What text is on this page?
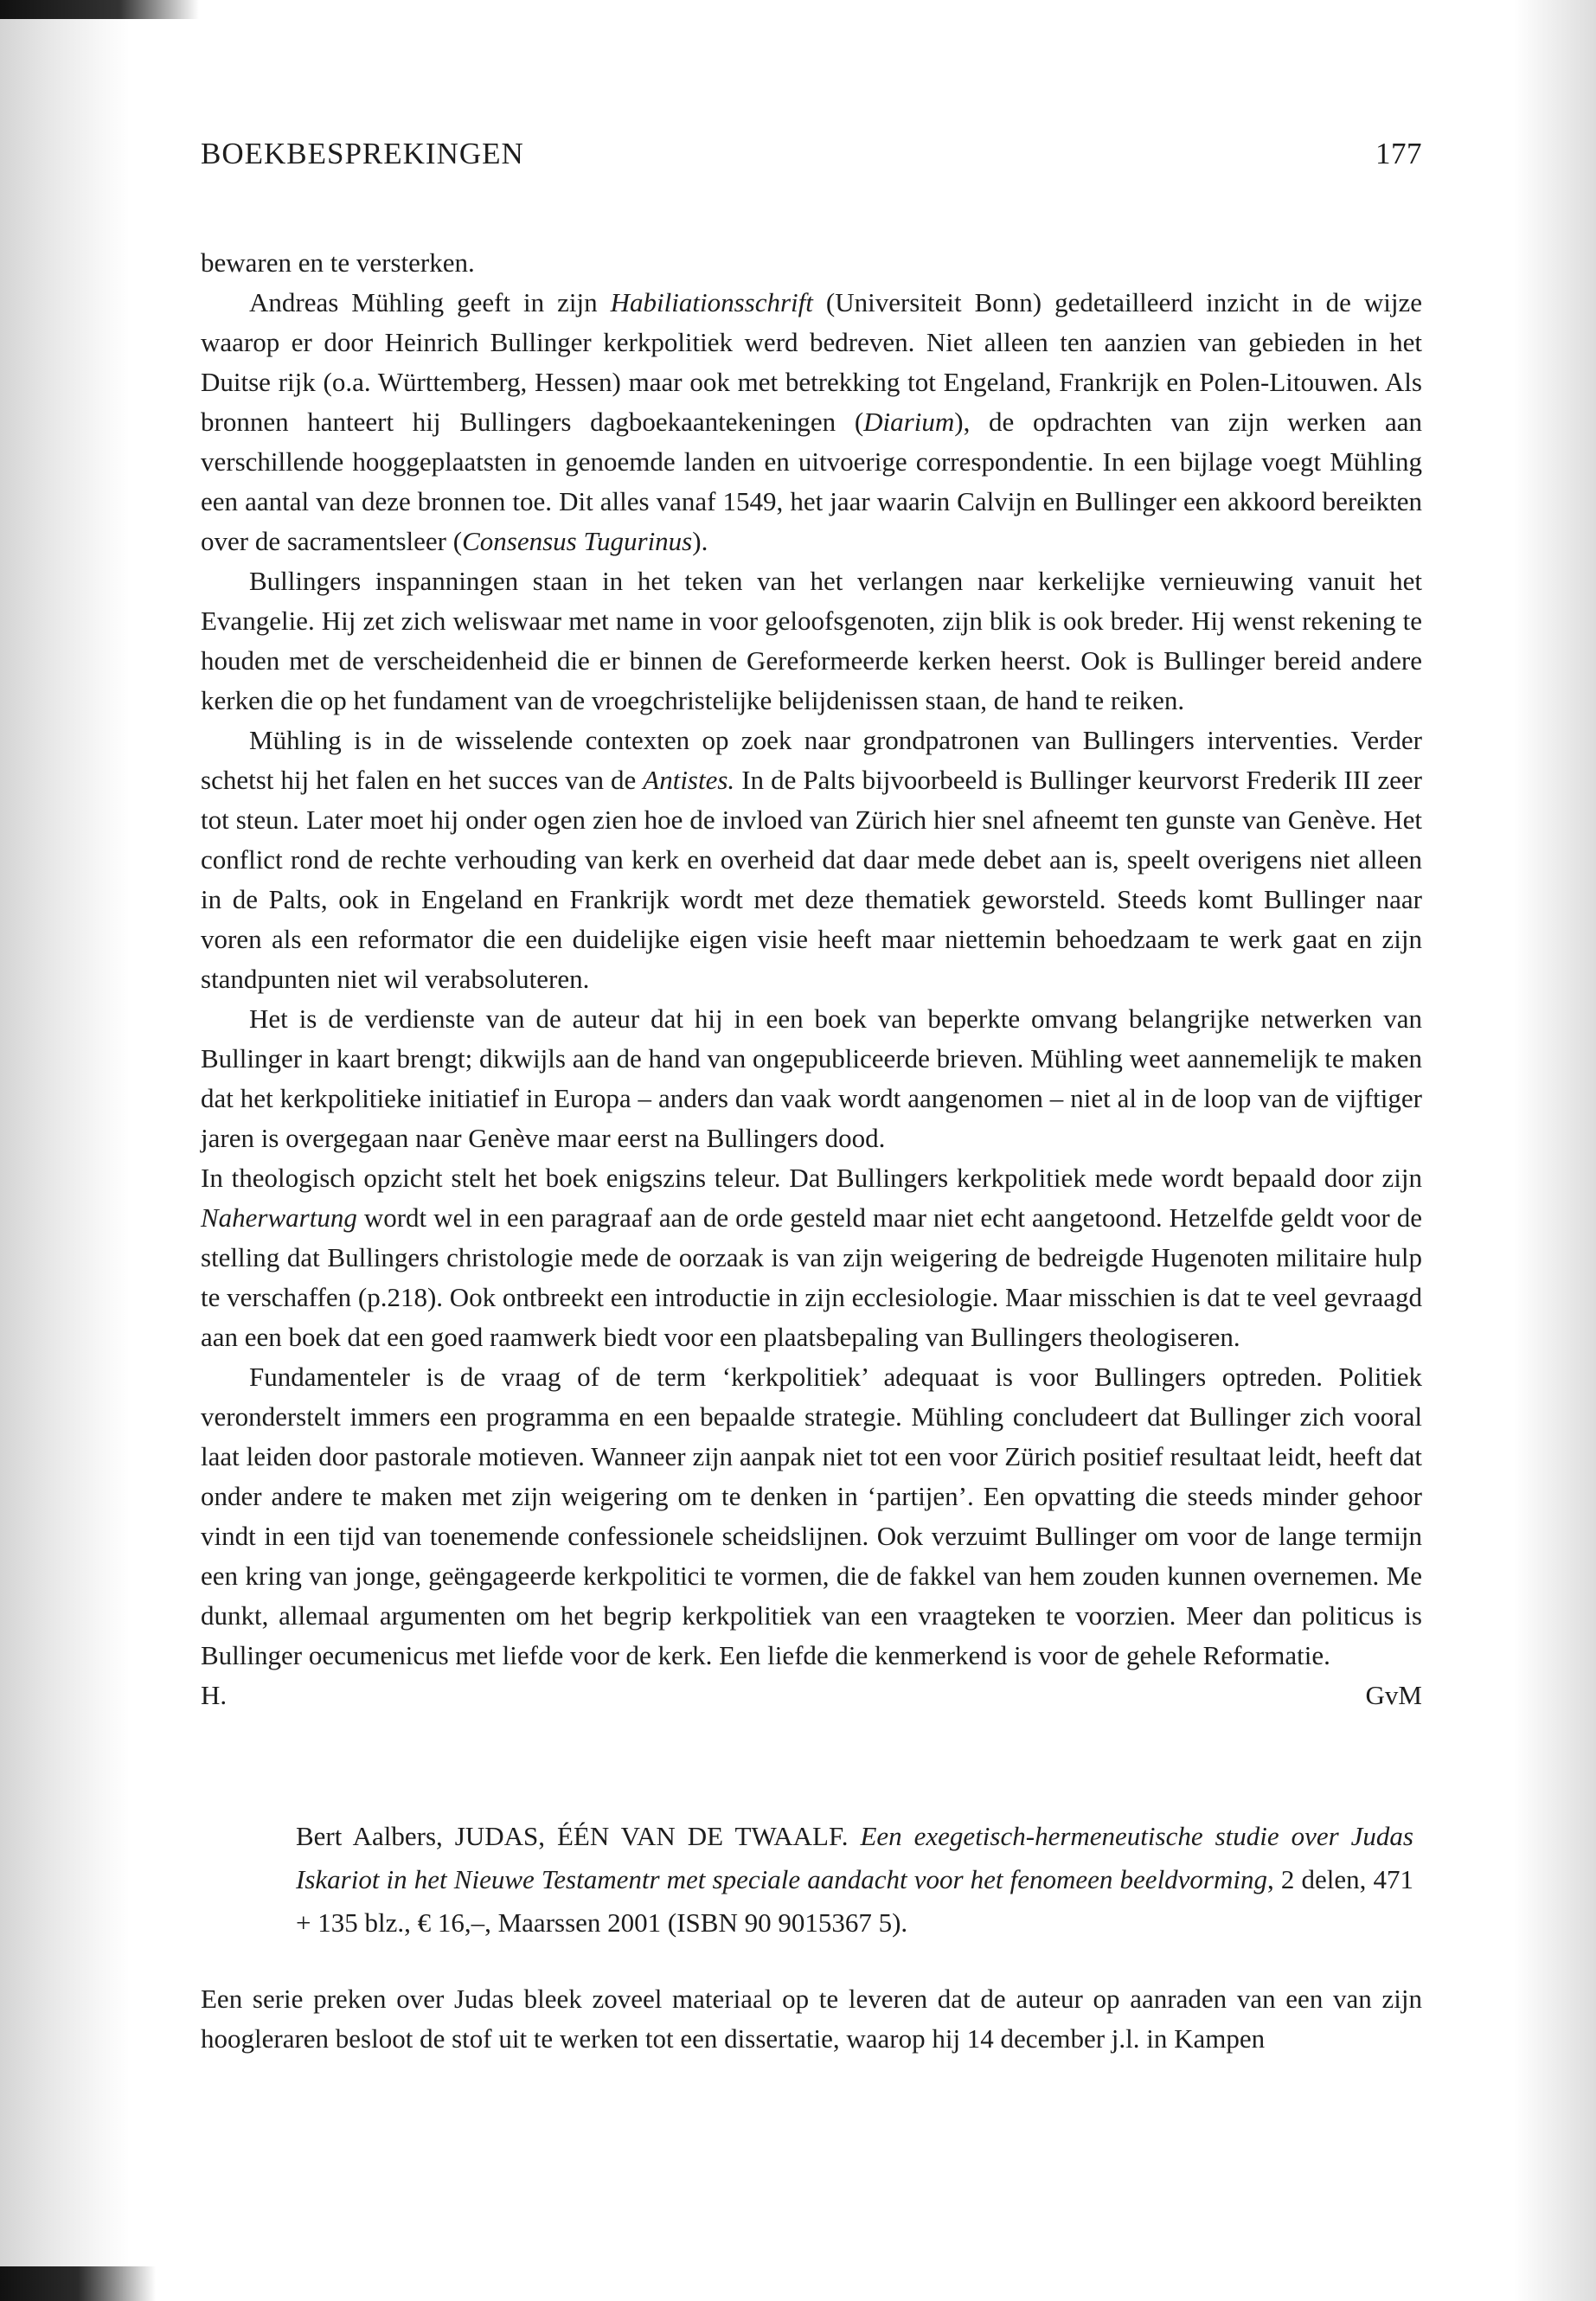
BOEKBESPREKINGEN	177

bewaren en te versterken.

Andreas Mühling geeft in zijn Habiliationsschrift (Universiteit Bonn) gedetailleerd inzicht in de wijze waarop er door Heinrich Bullinger kerkpolitiek werd bedreven. Niet alleen ten aanzien van gebieden in het Duitse rijk (o.a. Württemberg, Hessen) maar ook met betrekking tot Engeland, Frankrijk en Polen-Litouwen. Als bronnen hanteert hij Bullingers dagboekaantekeningen (Diarium), de opdrachten van zijn werken aan verschillende hooggeplaatsten in genoemde landen en uitvoerige correspondentie. In een bijlage voegt Mühling een aantal van deze bronnen toe. Dit alles vanaf 1549, het jaar waarin Calvijn en Bullinger een akkoord bereikten over de sacramentsleer (Consensus Tugurinus).

Bullingers inspanningen staan in het teken van het verlangen naar kerkelijke vernieuwing vanuit het Evangelie. Hij zet zich weliswaar met name in voor geloofsgenoten, zijn blik is ook breder. Hij wenst rekening te houden met de verscheidenheid die er binnen de Gereformeerde kerken heerst. Ook is Bullinger bereid andere kerken die op het fundament van de vroegchristelijke belijdenissen staan, de hand te reiken.

Mühling is in de wisselende contexten op zoek naar grondpatronen van Bullingers interventies. Verder schetst hij het falen en het succes van de Antistes. In de Palts bijvoorbeeld is Bullinger keurvorst Frederik III zeer tot steun. Later moet hij onder ogen zien hoe de invloed van Zürich hier snel afneemt ten gunste van Genève. Het conflict rond de rechte verhouding van kerk en overheid dat daar mede debet aan is, speelt overigens niet alleen in de Palts, ook in Engeland en Frankrijk wordt met deze thematiek geworsteld. Steeds komt Bullinger naar voren als een reformator die een duidelijke eigen visie heeft maar niettemin behoedzaam te werk gaat en zijn standpunten niet wil verabsoluteren.

Het is de verdienste van de auteur dat hij in een boek van beperkte omvang belangrijke netwerken van Bullinger in kaart brengt; dikwijls aan de hand van ongepubliceerde brieven. Mühling weet aannemelijk te maken dat het kerkpolitieke initiatief in Europa – anders dan vaak wordt aangenomen – niet al in de loop van de vijftiger jaren is overgegaan naar Genève maar eerst na Bullingers dood.

In theologisch opzicht stelt het boek enigszins teleur. Dat Bullingers kerkpolitiek mede wordt bepaald door zijn Naherwartung wordt wel in een paragraaf aan de orde gesteld maar niet echt aangetoond. Hetzelfde geldt voor de stelling dat Bullingers christologie mede de oorzaak is van zijn weigering de bedreigde Hugenoten militaire hulp te verschaffen (p.218). Ook ontbreekt een introductie in zijn ecclesiologie. Maar misschien is dat te veel gevraagd aan een boek dat een goed raamwerk biedt voor een plaatsbepaling van Bullingers theologiseren.

Fundamenteler is de vraag of de term ‘kerkpolitiek’ adequaat is voor Bullingers optreden. Politiek veronderstelt immers een programma en een bepaalde strategie. Mühling concludeert dat Bullinger zich vooral laat leiden door pastorale motieven. Wanneer zijn aanpak niet tot een voor Zürich positief resultaat leidt, heeft dat onder andere te maken met zijn weigering om te denken in ‘partijen’. Een opvatting die steeds minder gehoor vindt in een tijd van toenemende confessionele scheidslijnen. Ook verzuimt Bullinger om voor de lange termijn een kring van jonge, geëngageerde kerkpolitici te vormen, die de fakkel van hem zouden kunnen overnemen. Me dunkt, allemaal argumenten om het begrip kerkpolitiek van een vraagteken te voorzien. Meer dan politicus is Bullinger oecumenicus met liefde voor de kerk. Een liefde die kenmerkend is voor de gehele Reformatie.

H.	GvM
Bert Aalbers, JUDAS, ÉÉN VAN DE TWAALF. Een exegetisch-hermeneutische studie over Judas Iskariot in het Nieuwe Testamentr met speciale aandacht voor het fenomeen beeldvorming, 2 delen, 471 + 135 blz., € 16,–, Maarssen 2001 (ISBN 90 9015367 5).

Een serie preken over Judas bleek zoveel materiaal op te leveren dat de auteur op aanraden van een van zijn hoogleraren besloot de stof uit te werken tot een dissertatie, waarop hij 14 december j.l. in Kampen
